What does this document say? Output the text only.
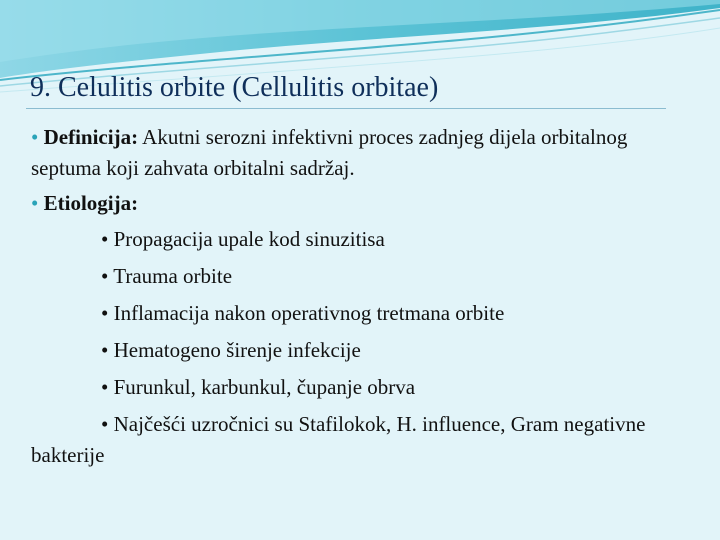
9. Celulitis orbite (Cellulitis orbitae)

• Definicija: Akutni serozni infektivni proces zadnjeg dijela orbitalnog septuma koji zahvata orbitalni sadržaj.

• Etiologija:

• Propagacija upale kod sinuzitisa

• Trauma orbite

• Inflamacija nakon operativnog tretmana orbite

• Hematogeno širenje infekcije

• Furunkul, karbunkul, čupanje obrva

• Najčešći uzročnici su Stafilokok, H. influence, Gram negativne bakterije
